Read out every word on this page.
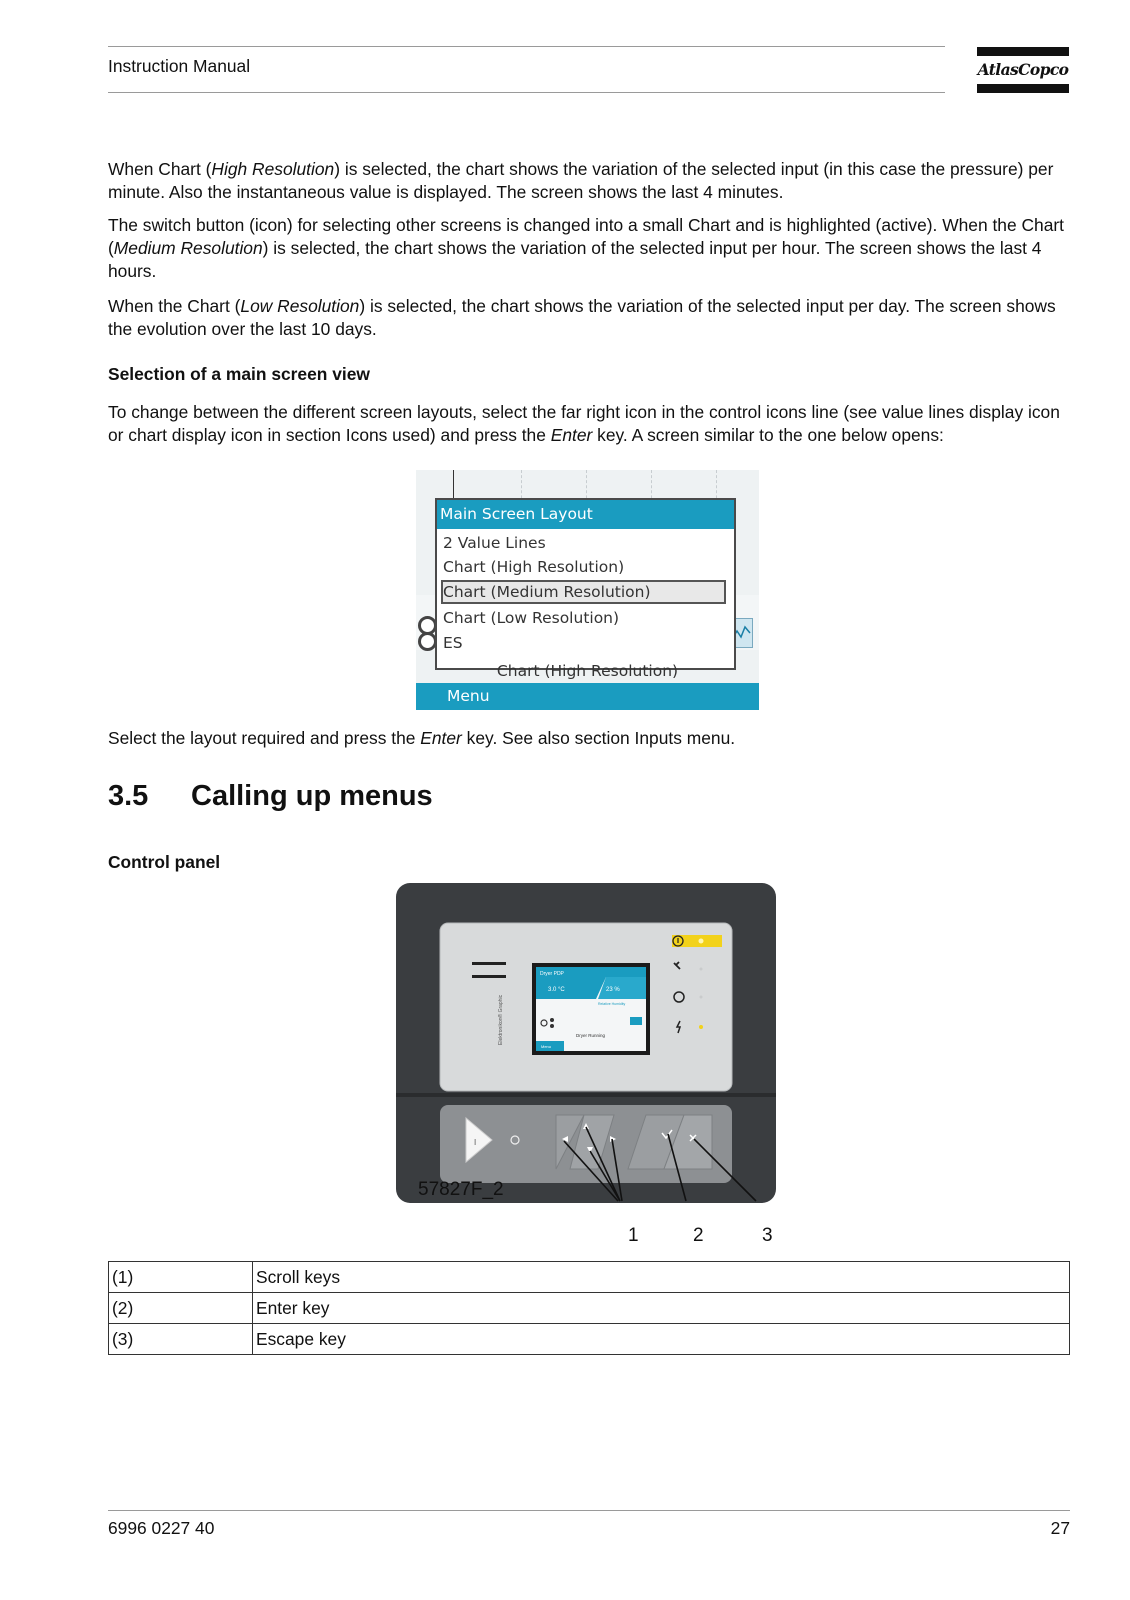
Instruction Manual	AtlasCopco

When Chart (High Resolution) is selected, the chart shows the variation of the selected input (in this case the pressure) per minute. Also the instantaneous value is displayed. The screen shows the last 4 minutes.

The switch button (icon) for selecting other screens is changed into a small Chart and is highlighted (active). When the Chart (Medium Resolution) is selected, the chart shows the variation of the selected input per hour. The screen shows the last 4 hours.

When the Chart (Low Resolution) is selected, the chart shows the variation of the selected input per day. The screen shows the evolution over the last 10 days.

Selection of a main screen view

To change between the different screen layouts, select the far right icon in the control icons line (see value lines display icon or chart display icon in section Icons used) and press the Enter key. A screen similar to the one below opens:

Main Screen Layout
2 Value Lines
Chart (High Resolution)
Chart (Medium Resolution)
Chart (Low Resolution)
ES
Chart (High Resolution)
Menu

Select the layout required and press the Enter key. See also section Inputs menu.

3.5 Calling up menus

Control panel

Elektronikon® Graphic
Dryer PDP
3.0 °C	23 %
Relative Humidity
Dryer Running
Menu
I
57827F_2
1	2	3
(1)	Scroll keys
(2)	Enter key
(3)	Escape key
6996 0227 40	27
